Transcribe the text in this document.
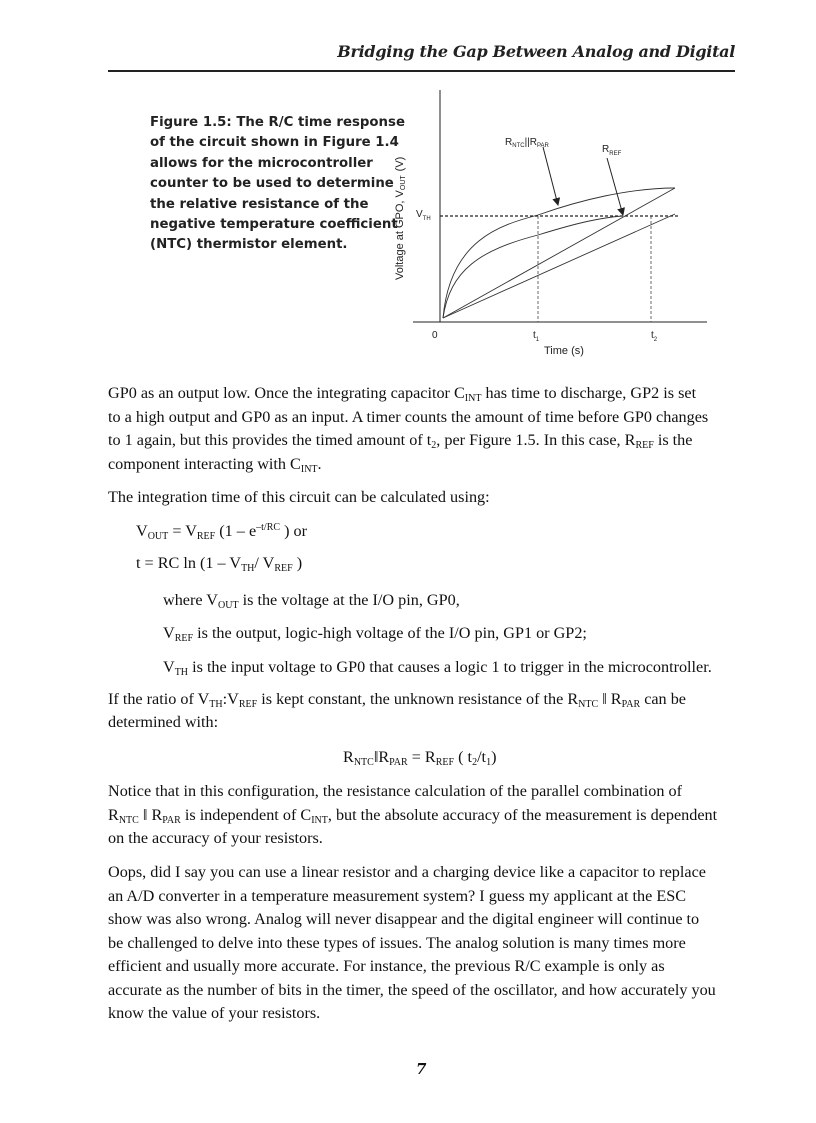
Bridging the Gap Between Analog and Digital
Figure 1.5: The R/C time response
of the circuit shown in Figure 1.4
allows for the microcontroller
counter to be used to determine
the relative resistance of the
negative temperature coefficient
(NTC) thermistor element.
$R_{NTC}||R_{PAR}$	$R_{REF}$
$V_{TH}$
0	$t_1$	$t_2$
Time (s)
Voltage at GPO, VOUT(V)
GP0 as an output low. Once the integrating capacitor $C_{INT}$ has time to discharge, GP2 is set
to a high output and GP0 as an input. A timer counts the amount of time before GP0 changes
to 1 again, but this provides the timed amount of $t_2$, per Figure 1.5. In this case, $R_{REF}$ is the
component interacting with $C_{INT}$.
The integration time of this circuit can be calculated using:
$V_{OUT} = V_{REF}$ ($1 - e^{-t/RC}$ ) or
t = RC $\ln (1 - V_{TH}/$ $V_{REF}$ )
where $V_{OUT}$ is the voltage at the I/O pin, GP0,
$V_{REF}$ is the output, logic-high voltage of the I/O pin, GP1 or GP2;
$V_{TH}$ is the input voltage to GP0 that causes a logic 1 to trigger in the microcontroller.
If the ratio of $V_{TH}:V_{REF}$ is kept constant, the unknown resistance of the $R_{NTC}$ ‖ $R_{PAR}$ can be
determined with:
$R_{NTC}‖R_{PAR} = R_{REF}$ ( $t_2/t_1$)
Notice that in this configuration, the resistance calculation of the parallel combination of
$R_{NTC}$ ‖ $R_{PAR}$ is independent of $C_{INT}$, but the absolute accuracy of the measurement is dependent
on the accuracy of your resistors.
Oops, did I say you can use a linear resistor and a charging device like a capacitor to replace
an A/D converter in a temperature measurement system? I guess my applicant at the ESC
show was also wrong. Analog will never disappear and the digital engineer will continue to
be challenged to delve into these types of issues. The analog solution is many times more
efficient and usually more accurate. For instance, the previous R/C example is only as
accurate as the number of bits in the timer, the speed of the oscillator, and how accurately you
know the value of your resistors.
7
